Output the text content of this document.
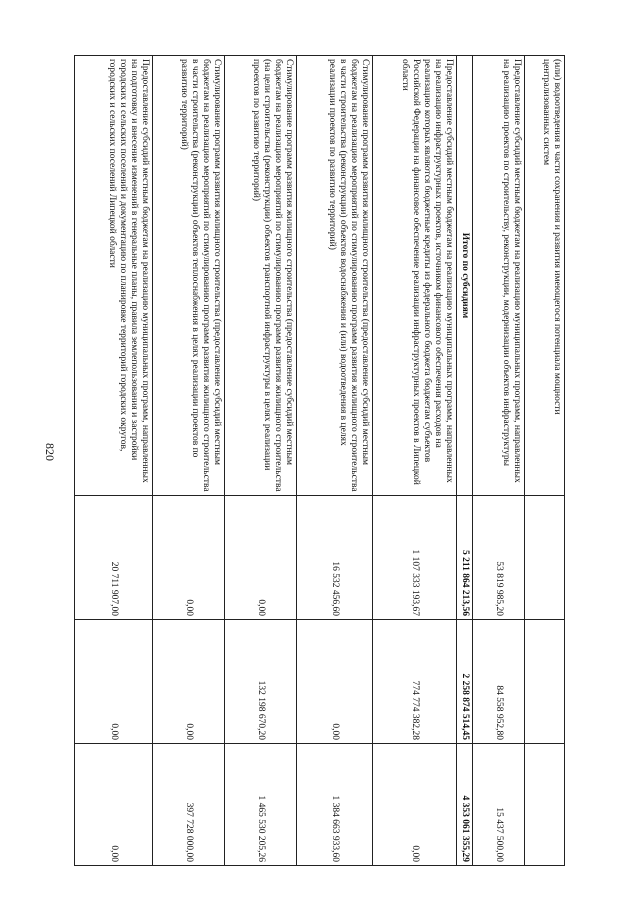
820
(или) водоотведения в части сохранения и развития имеющегося потенциала мощности централизованных систем			
Предоставление субсидий местным бюджетам на реализацию муниципальных программ, направленных на реализацию проектов по строительству, реконструкции, модернизации объектов инфраструктуры	53 819 985,20	84 558 952,80	15 437 500,00
Итого по субсидиям	5 211 864 213,56	2 258 874 514,45	4 353 061 355,29
Предоставление субсидий местным бюджетам на реализацию муниципальных программ, направленных на реализацию инфраструктурных проектов, источником финансового обеспечения расходов на реализацию которых являются бюджетные кредиты из федерального бюджета бюджетам субъектов Российской Федерации на финансовое обеспечение реализации инфраструктурных проектов в Липецкой области	1 107 333 193,67	774 774 382,28	0,00
Стимулирование программ развития жилищного строительства (предоставление субсидий местным бюджетам на реализацию мероприятий по стимулированию программ развития жилищного строительства в части строительства (реконструкции) объектов водоснабжения и (или) водоотведения в целях реализации проектов по развитию территорий)	16 532 456,60	0,00	1 384 663 933,60
Стимулирование программ развития жилищного строительства (предоставление субсидий местным бюджетам на реализацию мероприятий по стимулированию программ развития жилищного строительства (на цели строительства (реконструкции) объектов транспортной инфраструктуры в целях реализации проектов по развитию территорий)	0,00	132 198 670,20	1 465 530 205,26
Стимулирование программ развития жилищного строительства (предоставление субсидий местным бюджетам на реализацию мероприятий по стимулированию программ развития жилищного строительства в части строительства (реконструкции) объектов теплоснабжения в целях реализации проектов по развитию территорий)	0,00	0,00	397 728 000,00
Предоставление субсидий местным бюджетам на реализацию муниципальных программ, направленных на подготовку и внесение изменений в генеральные планы, правила землепользования и застройки городских и сельских поселений и документацию по планировке территорий городских округов, городских и сельских поселений Липецкой области	20 711 907,00	0,00	0,00
